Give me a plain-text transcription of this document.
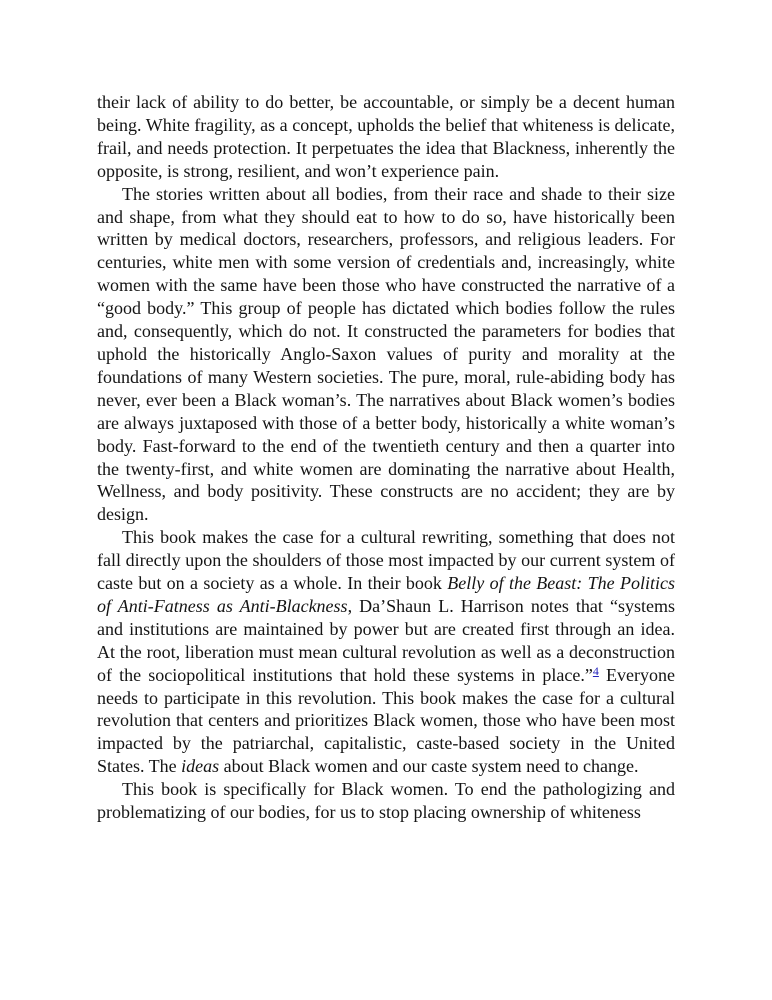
their lack of ability to do better, be accountable, or simply be a decent human being. White fragility, as a concept, upholds the belief that whiteness is delicate, frail, and needs protection. It perpetuates the idea that Blackness, inherently the opposite, is strong, resilient, and won’t experience pain.

The stories written about all bodies, from their race and shade to their size and shape, from what they should eat to how to do so, have historically been written by medical doctors, researchers, professors, and religious leaders. For centuries, white men with some version of credentials and, increasingly, white women with the same have been those who have constructed the narrative of a “good body.” This group of people has dictated which bodies follow the rules and, consequently, which do not. It constructed the parameters for bodies that uphold the historically Anglo-Saxon values of purity and morality at the foundations of many Western societies. The pure, moral, rule-abiding body has never, ever been a Black woman’s. The narratives about Black women’s bodies are always juxtaposed with those of a better body, historically a white woman’s body. Fast-forward to the end of the twentieth century and then a quarter into the twenty-first, and white women are dominating the narrative about Health, Wellness, and body positivity. These constructs are no accident; they are by design.

This book makes the case for a cultural rewriting, something that does not fall directly upon the shoulders of those most impacted by our current system of caste but on a society as a whole. In their book Belly of the Beast: The Politics of Anti-Fatness as Anti-Blackness, Da’Shaun L. Harrison notes that “systems and institutions are maintained by power but are created first through an idea. At the root, liberation must mean cultural revolution as well as a deconstruction of the sociopolitical institutions that hold these systems in place.”$^4$ Everyone needs to participate in this revolution. This book makes the case for a cultural revolution that centers and prioritizes Black women, those who have been most impacted by the patriarchal, capitalistic, caste-based society in the United States. The ideas about Black women and our caste system need to change.

This book is specifically for Black women. To end the pathologizing and problematizing of our bodies, for us to stop placing ownership of whiteness
